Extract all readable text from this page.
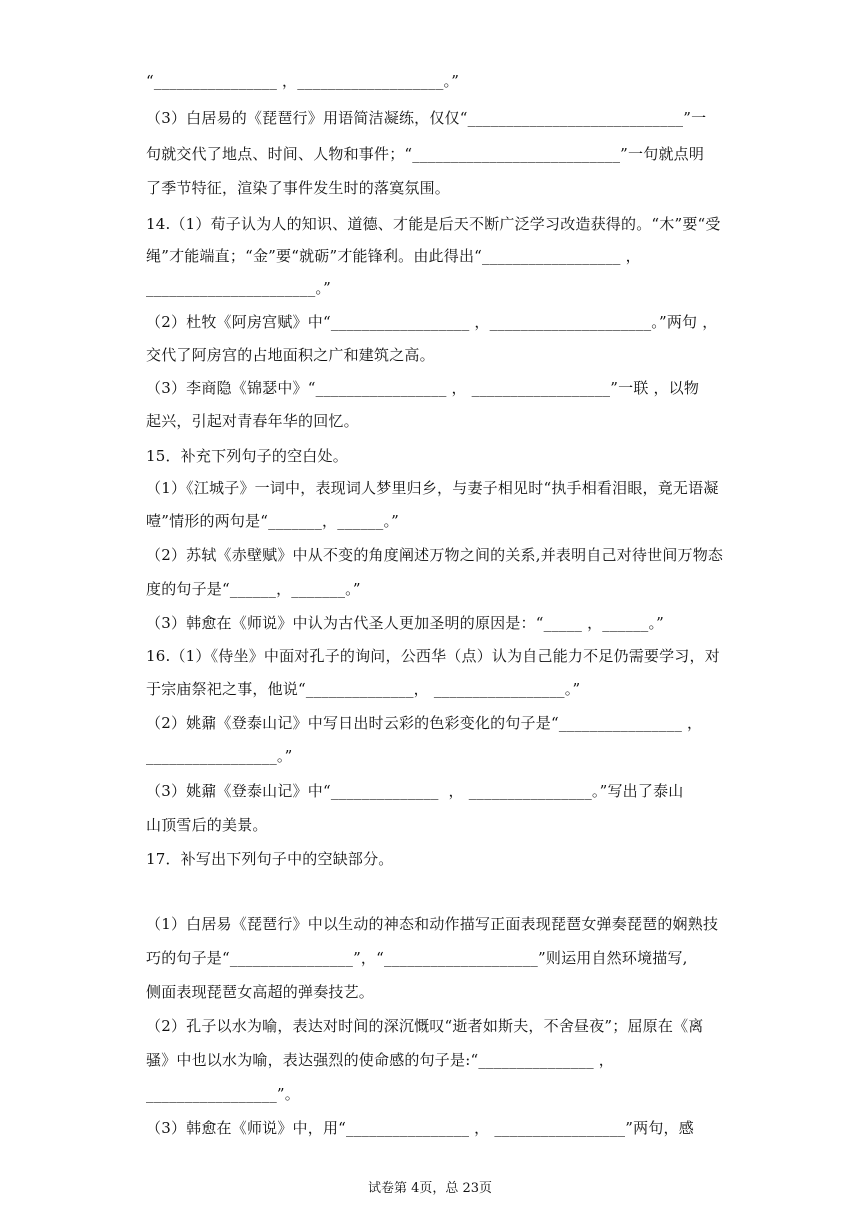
“________________ ，___________________。”
（3）白居易的《琵琶行》用语简洁凝练，仅仅“____________________________”一
句就交代了地点、时间、人物和事件；“___________________________”一句就点明
了季节特征，渲染了事件发生时的落寞氛围。
14.（1）荀子认为人的知识、道德、才能是后天不断广泛学习改造获得的。“木”要“受
绳”才能端直；“金”要“就砺”才能锋利。由此得出“__________________ ，
______________________。”
（2）杜牧《阿房宫赋》中“__________________ ，_____________________。”两句 ，
交代了阿房宫的占地面积之广和建筑之高。
（3）李商隐《锦瑟中》“_________________ ， __________________”一联 ，以物
起兴，引起对青春年华的回忆。
15．补充下列句子的空白处。
（1）《江城子》一词中，表现词人梦里归乡，与妻子相见时“执手相看泪眼，竟无语凝
噎”情形的两句是“_______，______。”
（2）苏轼《赤壁赋》中从不变的角度阐述万物之间的关系,并表明自己对待世间万物态
度的句子是“______，_______。”
（3）韩愈在《师说》中认为古代圣人更加圣明的原因是：“_____ ，______。”
16.（1）《侍坐》中面对孔子的询问，公西华（点）认为自己能力不足仍需要学习，对
于宗庙祭祀之事，他说“______________， _________________。”
（2）姚鼐《登泰山记》中写日出时云彩的色彩变化的句子是“________________ ，
_________________。”
（3）姚鼐《登泰山记》中“______________  ， ________________。”写出了泰山
山顶雪后的美景。
17．补写出下列句子中的空缺部分。
（1）白居易《琵琶行》中以生动的神态和动作描写正面表现琵琶女弹奏琵琶的娴熟技
巧的句子是“________________”，“____________________”则运用自然环境描写,
侧面表现琵琶女高超的弹奏技艺。
（2）孔子以水为喻，表达对时间的深沉慨叹“逝者如斯夫，不舍昼夜”；屈原在《离
骚》中也以水为喻，表达强烈的使命感的句子是:“_______________ ，
_________________”。
（3）韩愈在《师说》中，用“________________ ， _________________”两句，感
试卷第 4页，总 23页
